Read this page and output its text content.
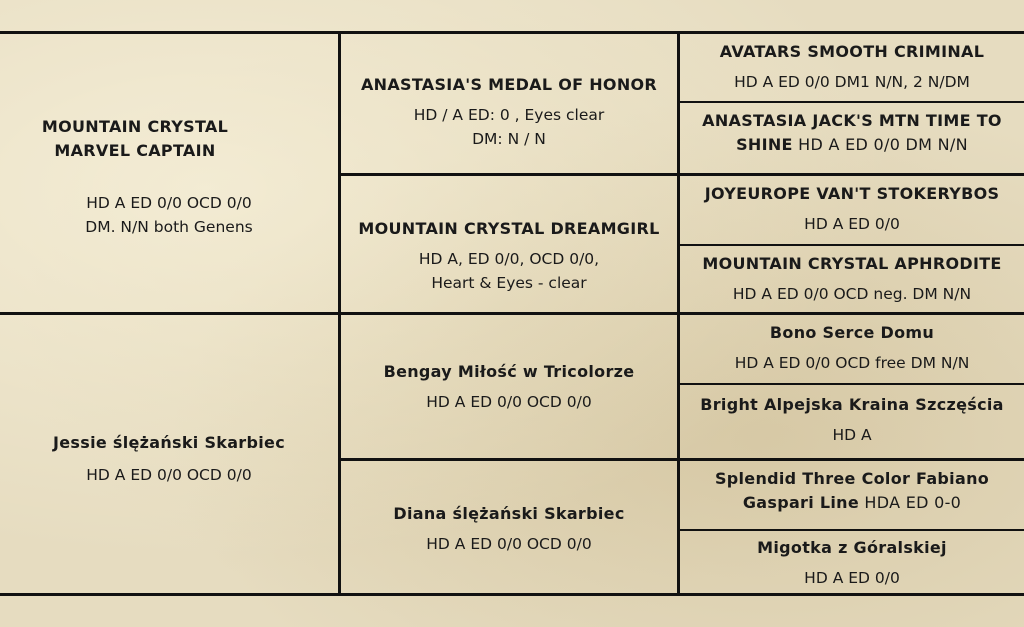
MOUNTAIN CRYSTAL
MARVEL CAPTAIN
HD A ED 0/0 OCD 0/0
DM. N/N both Genens
Jessie ślężański Skarbiec
HD A ED 0/0 OCD 0/0
ANASTASIA'S MEDAL OF HONOR
HD / A ED: 0 , Eyes clear
DM: N / N
MOUNTAIN CRYSTAL DREAMGIRL
HD A, ED 0/0, OCD 0/0,
Heart & Eyes - clear
Bengay Miłość w Tricolorze
HD A ED 0/0 OCD 0/0
Diana ślężański Skarbiec
HD A ED 0/0 OCD 0/0
AVATARS SMOOTH CRIMINAL
HD A ED 0/0 DM1 N/N, 2 N/DM
ANASTASIA JACK'S MTN TIME TO
SHINE HD A ED 0/0 DM N/N
JOYEUROPE VAN'T STOKERYBOS
HD A ED 0/0
MOUNTAIN CRYSTAL APHRODITE
HD A ED 0/0 OCD neg. DM N/N
Bono Serce Domu
HD A ED 0/0 OCD free DM N/N
Bright Alpejska Kraina Szczęścia
HD A
Splendid Three Color Fabiano
Gaspari Line HDA ED 0-0
Migotka z Góralskiej
HD A ED 0/0
